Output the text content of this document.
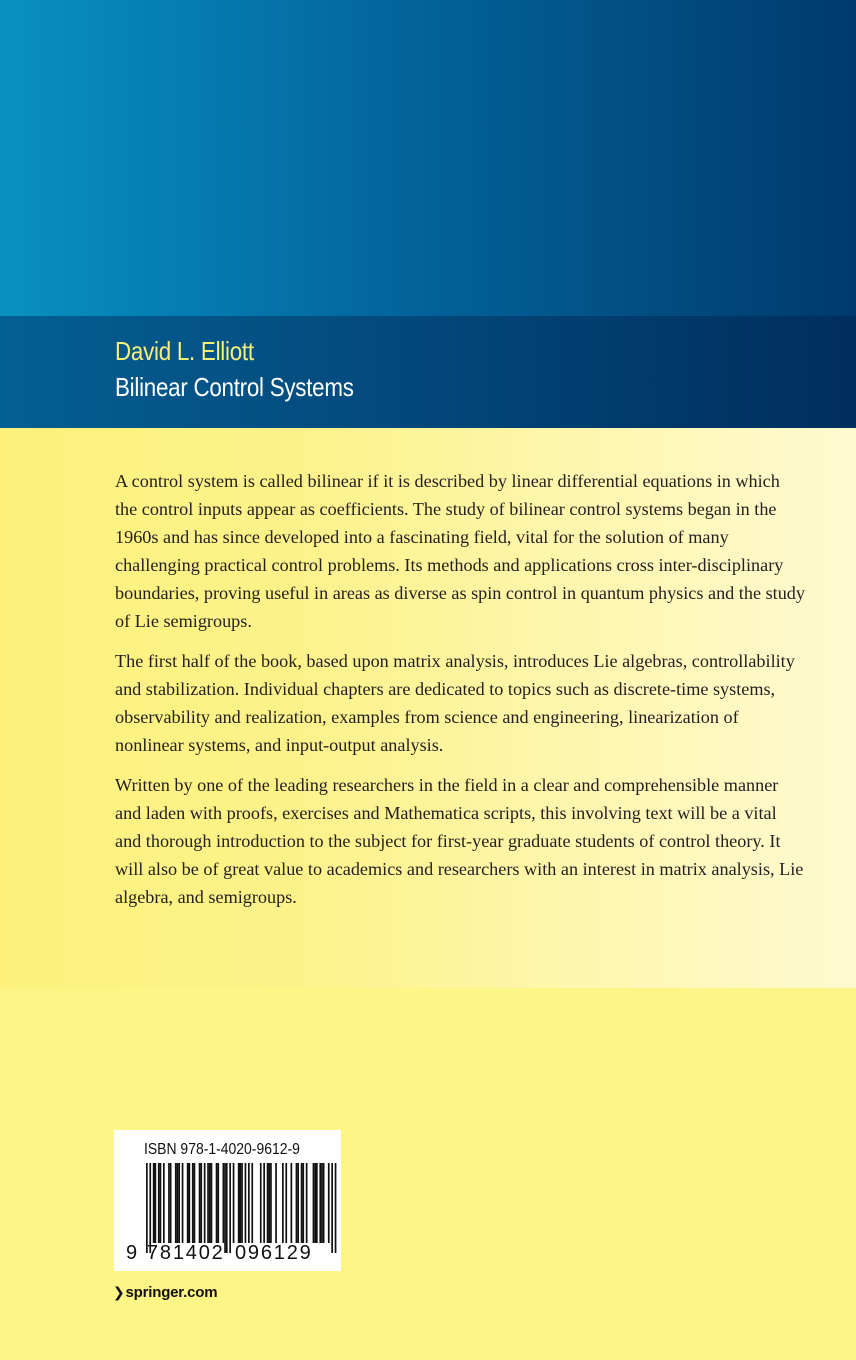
David L. Elliott
Bilinear Control Systems

A control system is called bilinear if it is described by linear differential equations in which the control inputs appear as coefficients. The study of bilinear control systems began in the 1960s and has since developed into a fascinating field, vital for the solution of many challenging practical control problems. Its methods and applications cross inter-disciplinary boundaries, proving useful in areas as diverse as spin control in quantum physics and the study of Lie semigroups.

The first half of the book, based upon matrix analysis, introduces Lie algebras, controllability and stabilization. Individual chapters are dedicated to topics such as discrete-time systems, observability and realization, examples from science and engineering, linearization of nonlinear systems, and input-output analysis.

Written by one of the leading researchers in the field in a clear and comprehensible manner and laden with proofs, exercises and Mathematica scripts, this involving text will be a vital and thorough introduction to the subject for first-year graduate students of control theory. It will also be of great value to academics and researchers with an interest in matrix analysis, Lie algebra, and semigroups.

ISBN 978-1-4020-9612-9
9 781402 096129
❯springer.com
